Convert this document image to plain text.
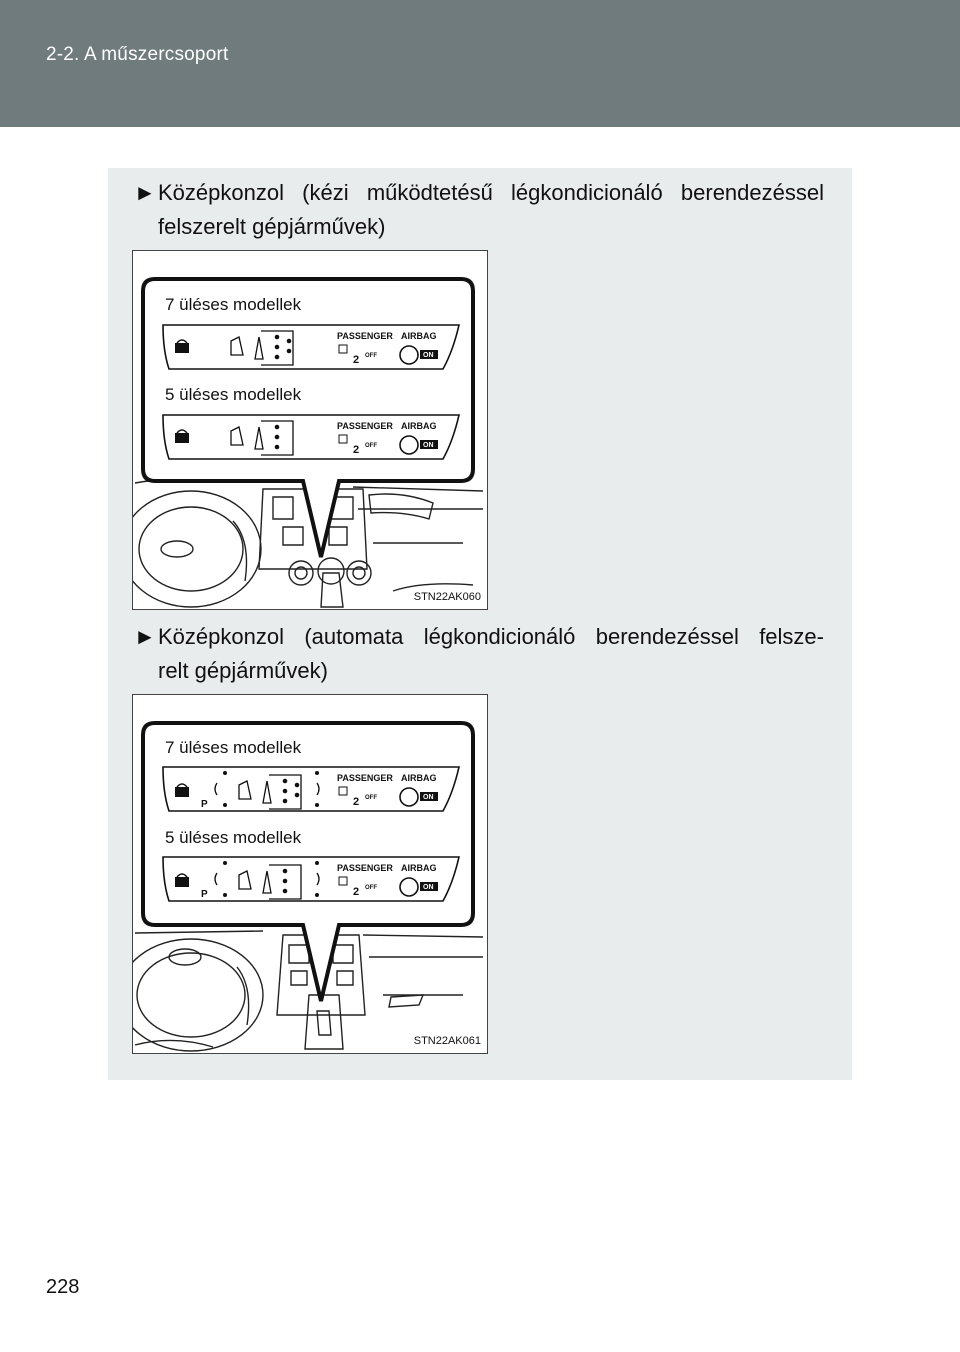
2-2. A műszercsoport
► Középkonzol (kézi működtetésű légkondicionáló berendezéssel
felszerelt gépjárművek)
PASSENGER AIRBAG
2 OFF	ON
PASSENGER AIRBAG
2 OFF	ON
7 üléses modellek
5 üléses modellek
STN22AK060
► Középkonzol (automata légkondicionáló berendezéssel felsze-
relt gépjárművek)
P
PASSENGER AIRBAG
2 OFF	ON
P
PASSENGER AIRBAG
2 OFF	ON
7 üléses modellek
5 üléses modellek
STN22AK061
228
